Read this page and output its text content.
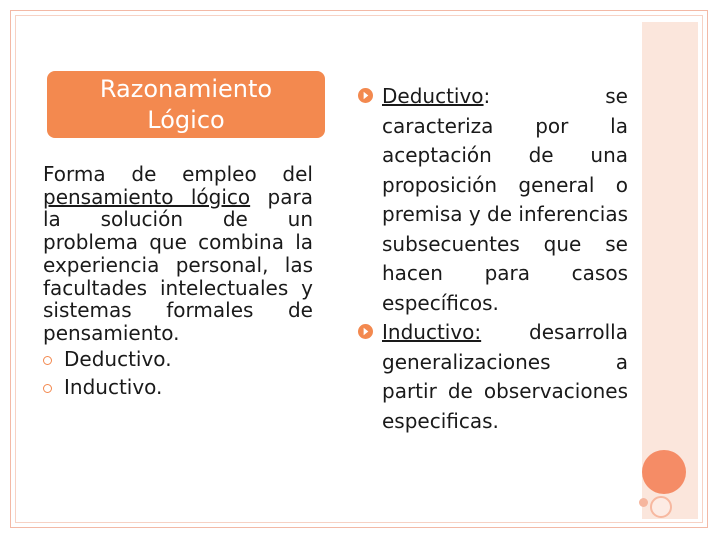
Razonamiento
Lógico

Forma de empleo del pensamiento lógico para la solución de un problema que combina la experiencia personal, las facultades intelectuales y sistemas formales de pensamiento.

Deductivo.
Inductivo.

Deductivo: se caracteriza por la aceptación de una proposición general o premisa y de inferencias subsecuentes que se hacen para casos específicos.

Inductivo: desarrolla generalizaciones a partir de observaciones especificas.
